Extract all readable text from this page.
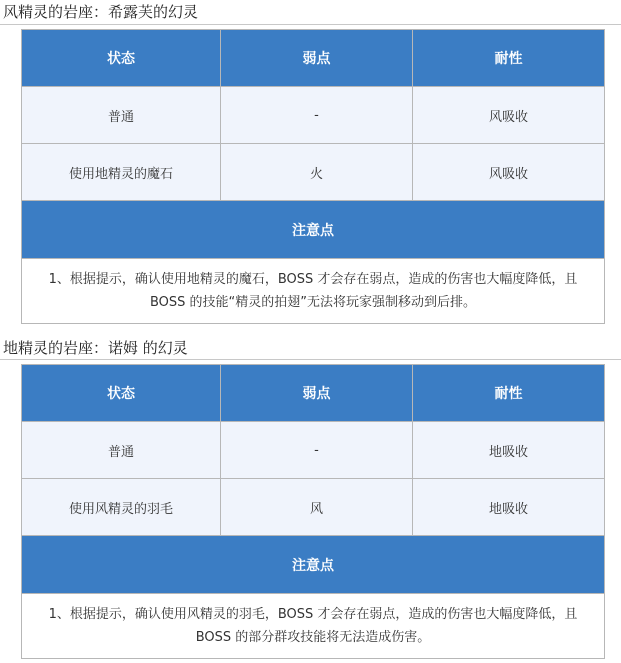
风精灵的岩座：希露芙的幻灵
状态	弱点	耐性
普通	-	风吸收
使用地精灵的魔石	火	风吸收
注意点		
1、根据提示，确认使用地精灵的魔石，BOSS 才会存在弱点，造成的伤害也大幅度降低，且 BOSS 的技能“精灵的拍翅”无法将玩家强制移动到后排。		
地精灵的岩座：诺姆 的幻灵
状态	弱点	耐性
普通	-	地吸收
使用风精灵的羽毛	风	地吸收
注意点		
1、根据提示，确认使用风精灵的羽毛，BOSS 才会存在弱点，造成的伤害也大幅度降低，且 BOSS 的部分群攻技能将无法造成伤害。		
